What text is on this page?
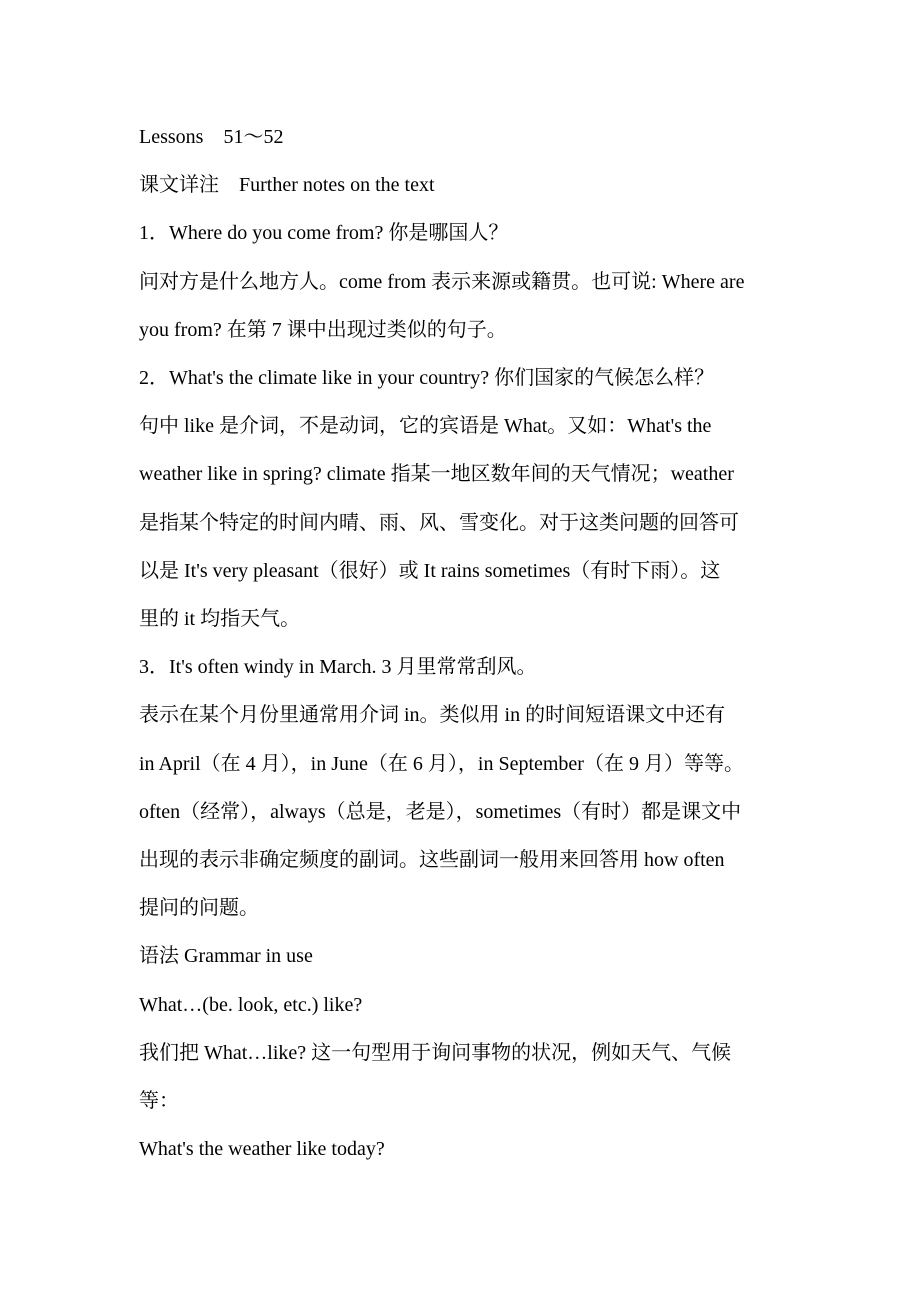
Lessons　51～52
课文详注　Further notes on the text
1．Where do you come from? 你是哪国人？
问对方是什么地方人。come from 表示来源或籍贯。也可说: Where are
you from? 在第 7 课中出现过类似的句子。
2．What's the climate like in your country? 你们国家的气候怎么样？
句中 like 是介词，不是动词，它的宾语是 What。又如：What's the
weather like in spring? climate 指某一地区数年间的天气情况；weather
是指某个特定的时间内晴、雨、风、雪变化。对于这类问题的回答可
以是 It's very pleasant（很好）或 It rains sometimes（有时下雨）。这
里的 it 均指天气。
3．It's often windy in March. 3 月里常常刮风。
表示在某个月份里通常用介词 in。类似用 in 的时间短语课文中还有
in April（在 4 月），in June（在 6 月），in September（在 9 月）等等。
often（经常），always（总是，老是），sometimes（有时）都是课文中
出现的表示非确定频度的副词。这些副词一般用来回答用 how often
提问的问题。
语法 Grammar in use
What…(be. look, etc.) like?
我们把 What…like? 这一句型用于询问事物的状况，例如天气、气候
等：
What's the weather like today?
